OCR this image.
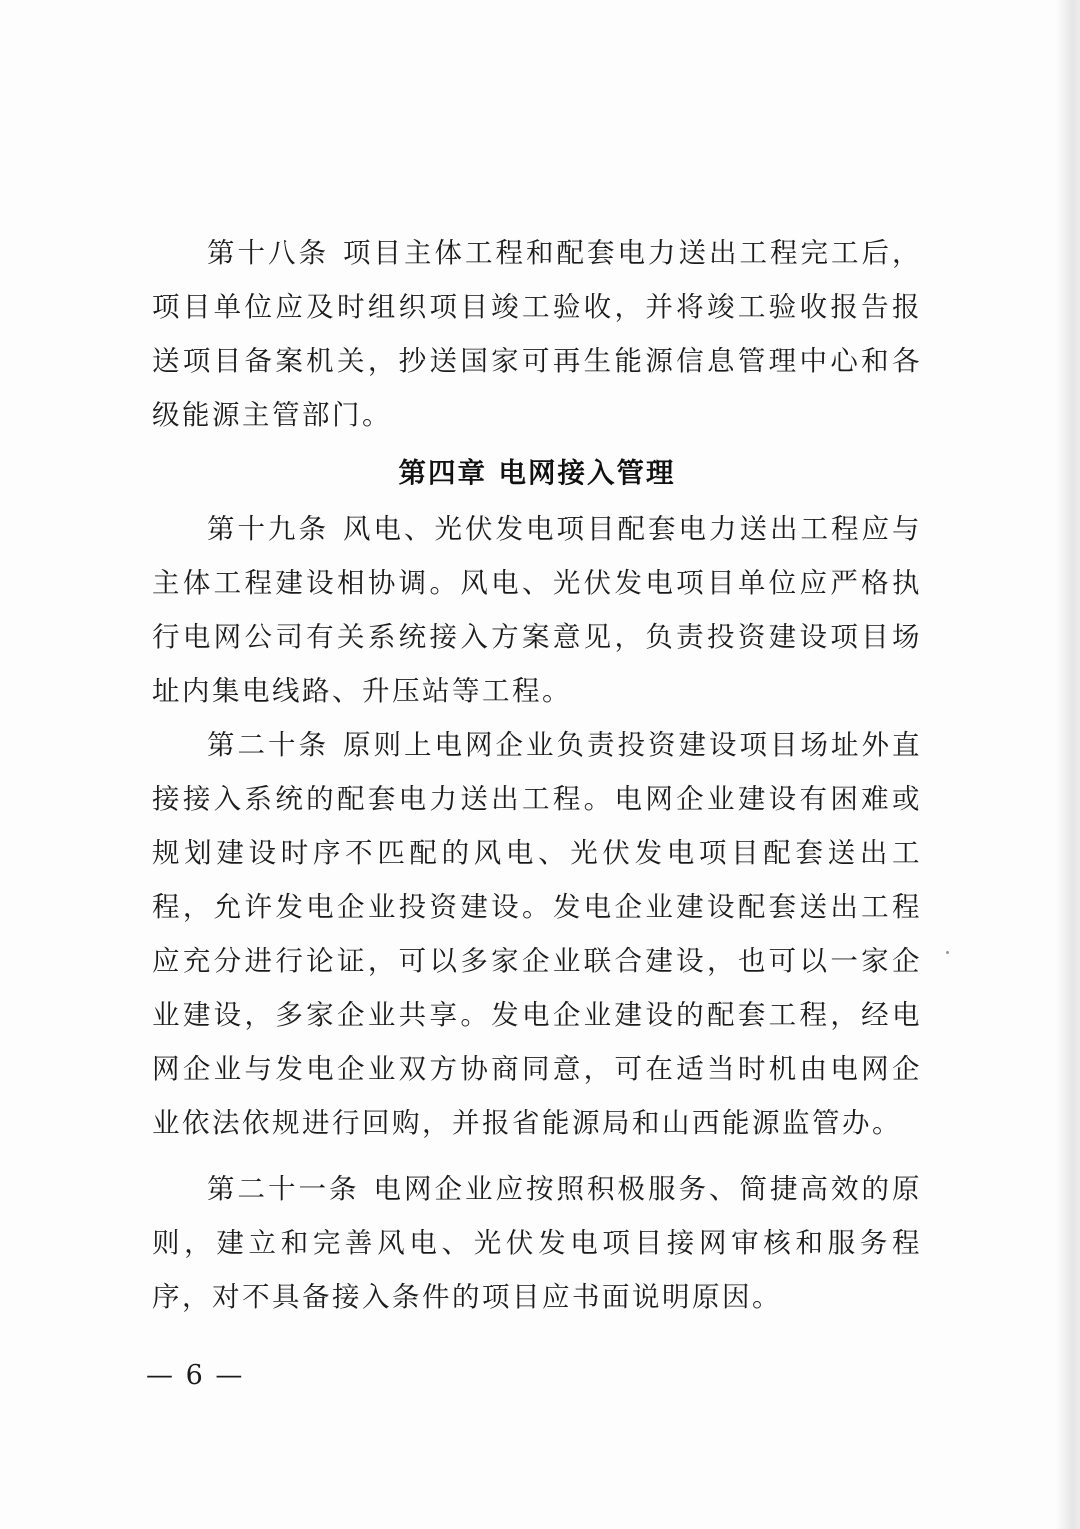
第十八条 项目主体工程和配套电力送出工程完工后，项目单位应及时组织项目竣工验收，并将竣工验收报告报送项目备案机关，抄送国家可再生能源信息管理中心和各级能源主管部门。

第四章 电网接入管理

第十九条 风电、光伏发电项目配套电力送出工程应与主体工程建设相协调。风电、光伏发电项目单位应严格执行电网公司有关系统接入方案意见，负责投资建设项目场址内集电线路、升压站等工程。

第二十条 原则上电网企业负责投资建设项目场址外直接接入系统的配套电力送出工程。电网企业建设有困难或规划建设时序不匹配的风电、光伏发电项目配套送出工程，允许发电企业投资建设。发电企业建设配套送出工程应充分进行论证，可以多家企业联合建设，也可以一家企业建设，多家企业共享。发电企业建设的配套工程，经电网企业与发电企业双方协商同意，可在适当时机由电网企业依法依规进行回购，并报省能源局和山西能源监管办。

第二十一条 电网企业应按照积极服务、简捷高效的原则，建立和完善风电、光伏发电项目接网审核和服务程序，对不具备接入条件的项目应书面说明原因。

— 6 —
